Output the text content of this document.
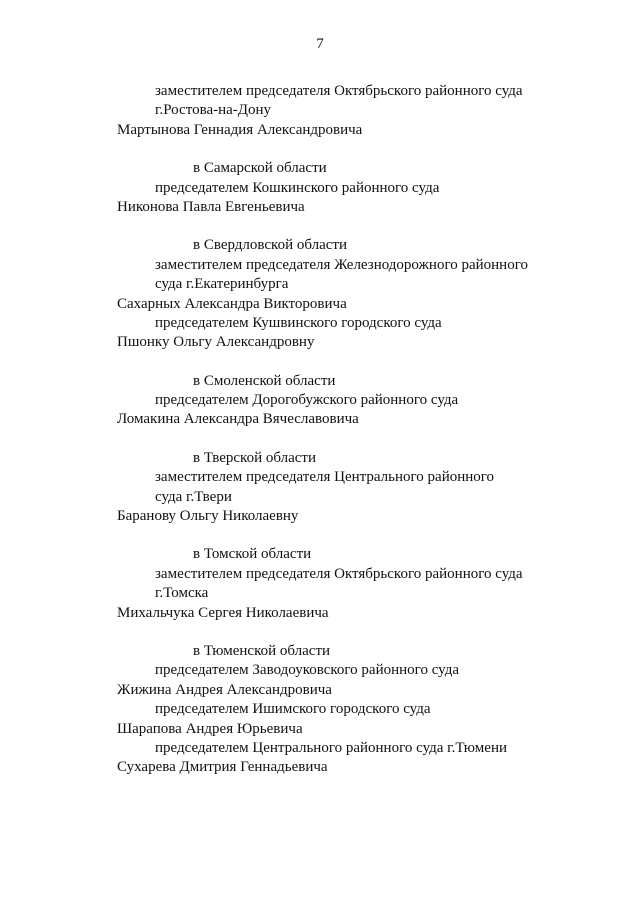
7

заместителем председателя Октябрьского районного суда

г.Ростова-на-Дону

Мартынова Геннадия Александровича

в Самарской области

председателем Кошкинского районного суда

Никонова Павла Евгеньевича

в Свердловской области

заместителем председателя Железнодорожного районного

суда г.Екатеринбурга

Сахарных Александра Викторовича

председателем Кушвинского городского суда

Пшонку Ольгу Александровну

в Смоленской области

председателем Дорогобужского районного суда

Ломакина Александра Вячеславовича

в Тверской области

заместителем председателя Центрального районного

суда г.Твери

Баранову Ольгу Николаевну

в Томской области

заместителем председателя Октябрьского районного суда

г.Томска

Михальчука Сергея Николаевича

в Тюменской области

председателем Заводоуковского районного суда

Жижина Андрея Александровича

председателем Ишимского городского суда

Шарапова Андрея Юрьевича

председателем Центрального районного суда г.Тюмени

Сухарева Дмитрия Геннадьевича
